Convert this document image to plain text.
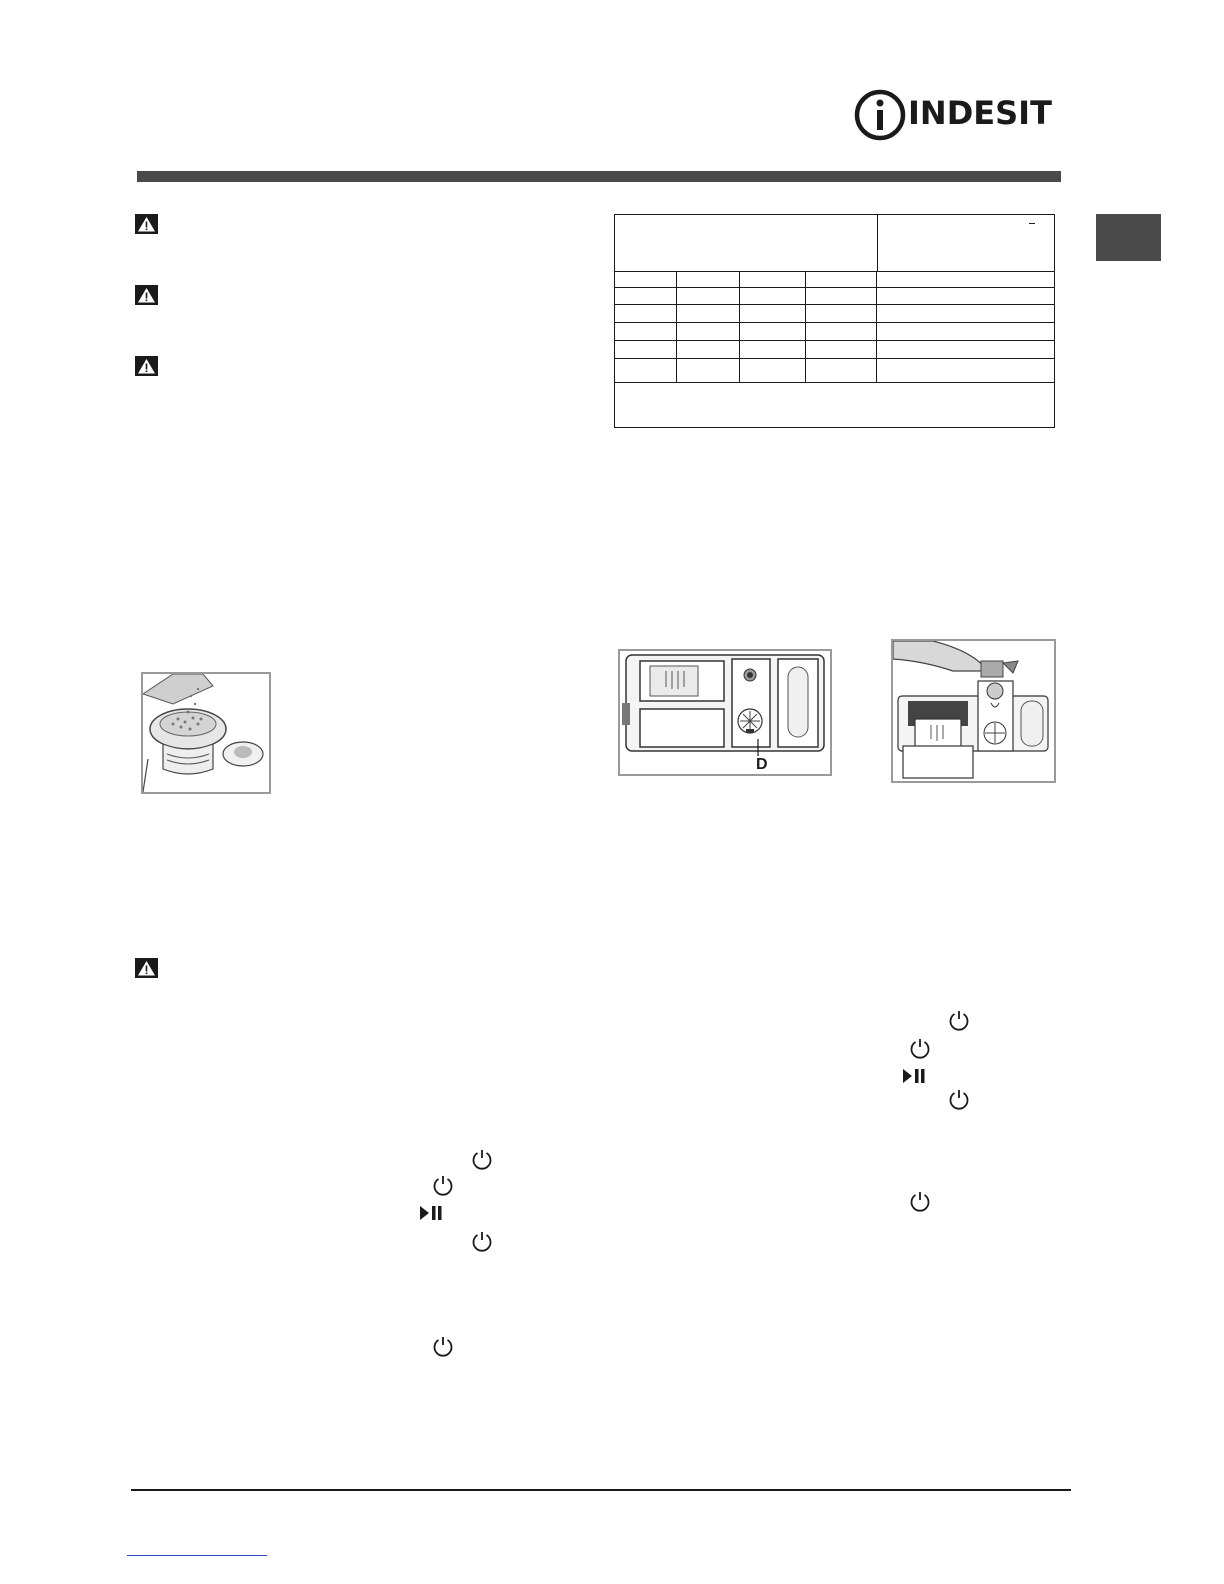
INDESIT
D
